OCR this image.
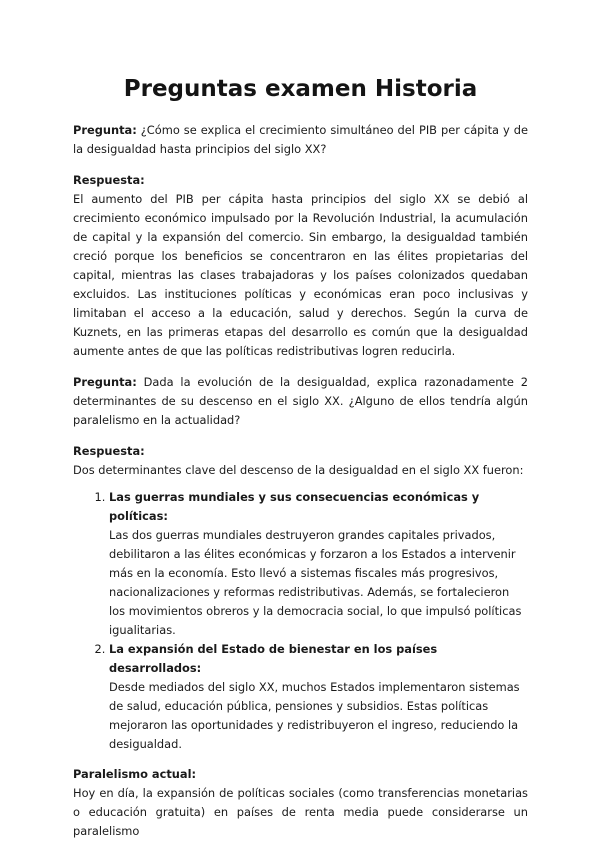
Preguntas examen Historia
Pregunta: ¿Cómo se explica el crecimiento simultáneo del PIB per cápita y de la desigualdad hasta principios del siglo XX?
Respuesta:
El aumento del PIB per cápita hasta principios del siglo XX se debió al crecimiento económico impulsado por la Revolución Industrial, la acumulación de capital y la expansión del comercio. Sin embargo, la desigualdad también creció porque los beneficios se concentraron en las élites propietarias del capital, mientras las clases trabajadoras y los países colonizados quedaban excluidos. Las instituciones políticas y económicas eran poco inclusivas y limitaban el acceso a la educación, salud y derechos. Según la curva de Kuznets, en las primeras etapas del desarrollo es común que la desigualdad aumente antes de que las políticas redistributivas logren reducirla.
Pregunta: Dada la evolución de la desigualdad, explica razonadamente 2 determinantes de su descenso en el siglo XX. ¿Alguno de ellos tendría algún paralelismo en la actualidad?
Respuesta:
Dos determinantes clave del descenso de la desigualdad en el siglo XX fueron:
1. Las guerras mundiales y sus consecuencias económicas y políticas:
Las dos guerras mundiales destruyeron grandes capitales privados, debilitaron a las élites económicas y forzaron a los Estados a intervenir más en la economía. Esto llevó a sistemas fiscales más progresivos, nacionalizaciones y reformas redistributivas. Además, se fortalecieron los movimientos obreros y la democracia social, lo que impulsó políticas igualitarias.
2. La expansión del Estado de bienestar en los países desarrollados:
Desde mediados del siglo XX, muchos Estados implementaron sistemas de salud, educación pública, pensiones y subsidios. Estas políticas mejoraron las oportunidades y redistribuyeron el ingreso, reduciendo la desigualdad.
Paralelismo actual:
Hoy en día, la expansión de políticas sociales (como transferencias monetarias o educación gratuita) en países de renta media puede considerarse un paralelismo
